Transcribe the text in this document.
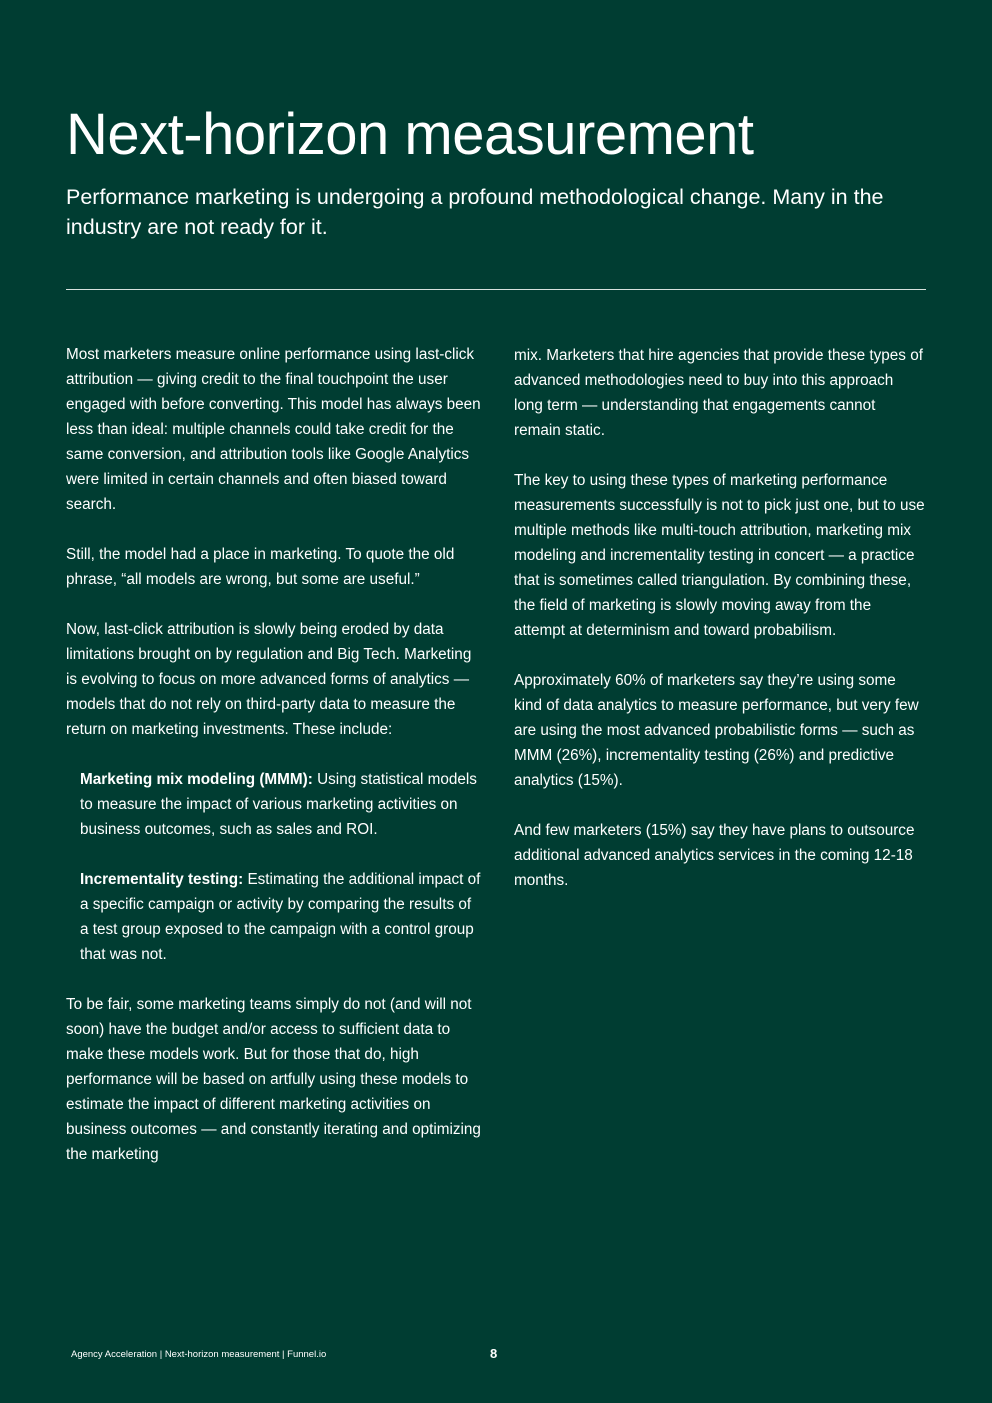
Next-horizon measurement

Performance marketing is undergoing a profound methodological change. Many in the industry are not ready for it.

Most marketers measure online performance using last-click attribution — giving credit to the final touchpoint the user engaged with before converting. This model has always been less than ideal: multiple channels could take credit for the same conversion, and attribution tools like Google Analytics were limited in certain channels and often biased toward search.

Still, the model had a place in marketing. To quote the old phrase, “all models are wrong, but some are useful.”

Now, last-click attribution is slowly being eroded by data limitations brought on by regulation and Big Tech. Marketing is evolving to focus on more advanced forms of analytics — models that do not rely on third-party data to measure the return on marketing investments. These include:

Marketing mix modeling (MMM): Using statistical models to measure the impact of various marketing activities on business outcomes, such as sales and ROI.

Incrementality testing: Estimating the additional impact of a specific campaign or activity by comparing the results of a test group exposed to the campaign with a control group that was not.

To be fair, some marketing teams simply do not (and will not soon) have the budget and/or access to sufficient data to make these models work. But for those that do, high performance will be based on artfully using these models to estimate the impact of different marketing activities on business outcomes — and constantly iterating and optimizing the marketing

mix. Marketers that hire agencies that provide these types of advanced methodologies need to buy into this approach long term — understanding that engagements cannot remain static.

The key to using these types of marketing performance measurements successfully is not to pick just one, but to use multiple methods like multi-touch attribution, marketing mix modeling and incrementality testing in concert — a practice that is sometimes called triangulation. By combining these, the field of marketing is slowly moving away from the attempt at determinism and toward probabilism.

Approximately 60% of marketers say they’re using some kind of data analytics to measure performance, but very few are using the most advanced probabilistic forms — such as MMM (26%), incrementality testing (26%) and predictive analytics (15%).

And few marketers (15%) say they have plans to outsource additional advanced analytics services in the coming 12-18 months.

Agency Acceleration | Next-horizon measurement | Funnel.io	8
